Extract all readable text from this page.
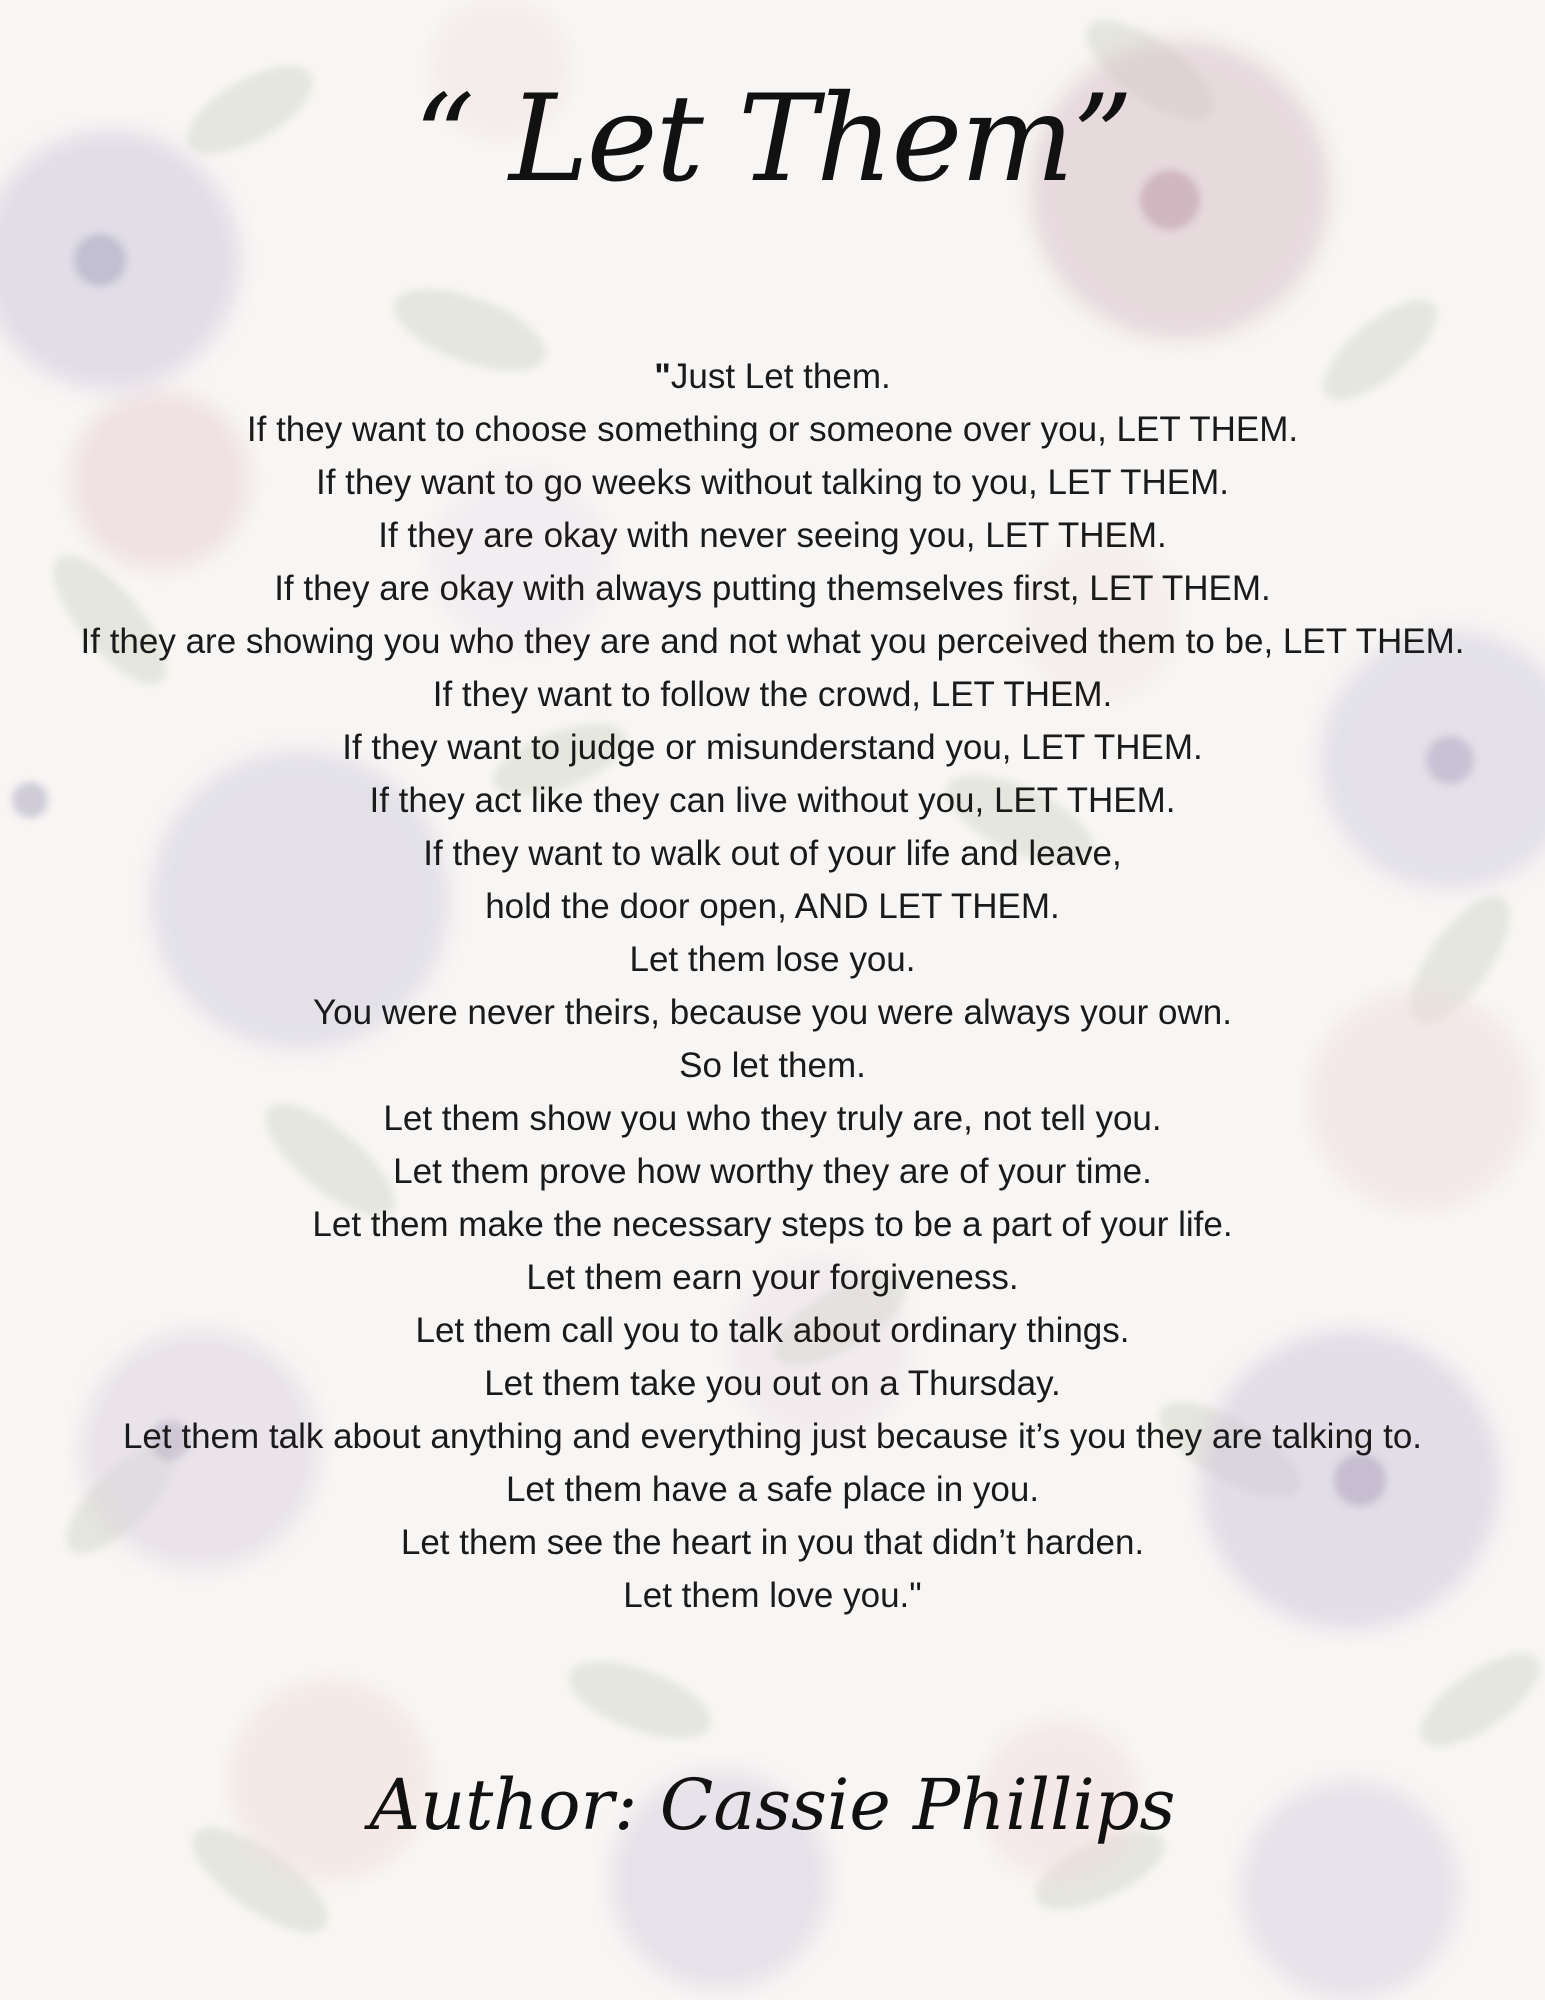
“ Let Them”
"Just Let them.
If they want to choose something or someone over you, LET THEM.
If they want to go weeks without talking to you, LET THEM.
If they are okay with never seeing you, LET THEM.
If they are okay with always putting themselves first, LET THEM.
If they are showing you who they are and not what you perceived them to be, LET THEM.
If they want to follow the crowd, LET THEM.
If they want to judge or misunderstand you, LET THEM.
If they act like they can live without you, LET THEM.
If they want to walk out of your life and leave,
hold the door open, AND LET THEM.
Let them lose you.
You were never theirs, because you were always your own.
So let them.
Let them show you who they truly are, not tell you.
Let them prove how worthy they are of your time.
Let them make the necessary steps to be a part of your life.
Let them earn your forgiveness.
Let them call you to talk about ordinary things.
Let them take you out on a Thursday.
Let them talk about anything and everything just because it’s you they are talking to.
Let them have a safe place in you.
Let them see the heart in you that didn’t harden.
Let them love you."
Author: Cassie Phillips
